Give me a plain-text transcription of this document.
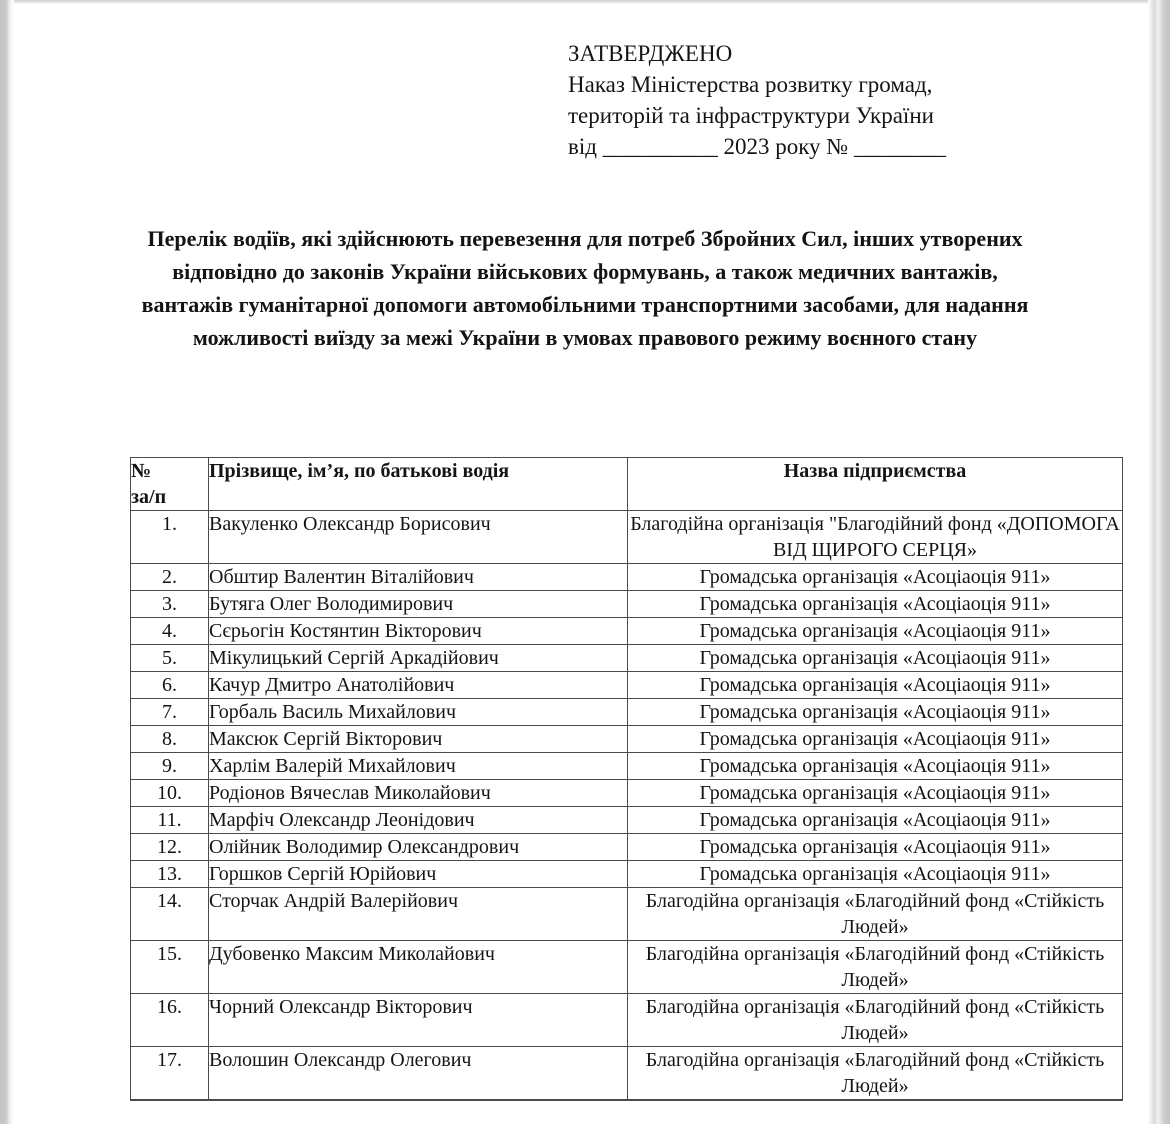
ЗАТВЕРДЖЕНО
Наказ Міністерства розвитку громад,
територій та інфраструктури України
від __________ 2023 року № ________
Перелік водіїв, які здійснюють перевезення для потреб Збройних Сил, інших утворених відповідно до законів України військових формувань, а також медичних вантажів, вантажів гуманітарної допомоги автомобільними транспортними засобами, для надання можливості виїзду за межі України в умовах правового режиму воєнного стану
№
за/п	Прізвище, ім’я, по батькові водія	Назва підприємства
1.	Вакуленко Олександр Борисович	Благодійна організація "Благодійний фонд «ДОПОМОГА ВІД ЩИРОГО СЕРЦЯ»
2.	Обштир Валентин Віталійович	Громадська організація «Асоціаоція 911»
3.	Бутяга Олег Володимирович	Громадська організація «Асоціаоція 911»
4.	Сєрьогін Костянтин Вікторович	Громадська організація «Асоціаоція 911»
5.	Мікулицький Сергій Аркадійович	Громадська організація «Асоціаоція 911»
6.	Качур Дмитро Анатолійович	Громадська організація «Асоціаоція 911»
7.	Горбаль Василь Михайлович	Громадська організація «Асоціаоція 911»
8.	Максюк Сергій Вікторович	Громадська організація «Асоціаоція 911»
9.	Харлім Валерій Михайлович	Громадська організація «Асоціаоція 911»
10.	Родіонов Вячеслав Миколайович	Громадська організація «Асоціаоція 911»
11.	Марфіч Олександр Леонідович	Громадська організація «Асоціаоція 911»
12.	Олійник Володимир Олександрович	Громадська організація «Асоціаоція 911»
13.	Горшков Сергій Юрійович	Громадська організація «Асоціаоція 911»
14.	Сторчак Андрій Валерійович	Благодійна організація «Благодійний фонд «Стійкість Людей»
15.	Дубовенко Максим Миколайович	Благодійна організація «Благодійний фонд «Стійкість Людей»
16.	Чорний Олександр Вікторович	Благодійна організація «Благодійний фонд «Стійкість Людей»
17.	Волошин Олександр Олегович	Благодійна організація «Благодійний фонд «Стійкість Людей»
